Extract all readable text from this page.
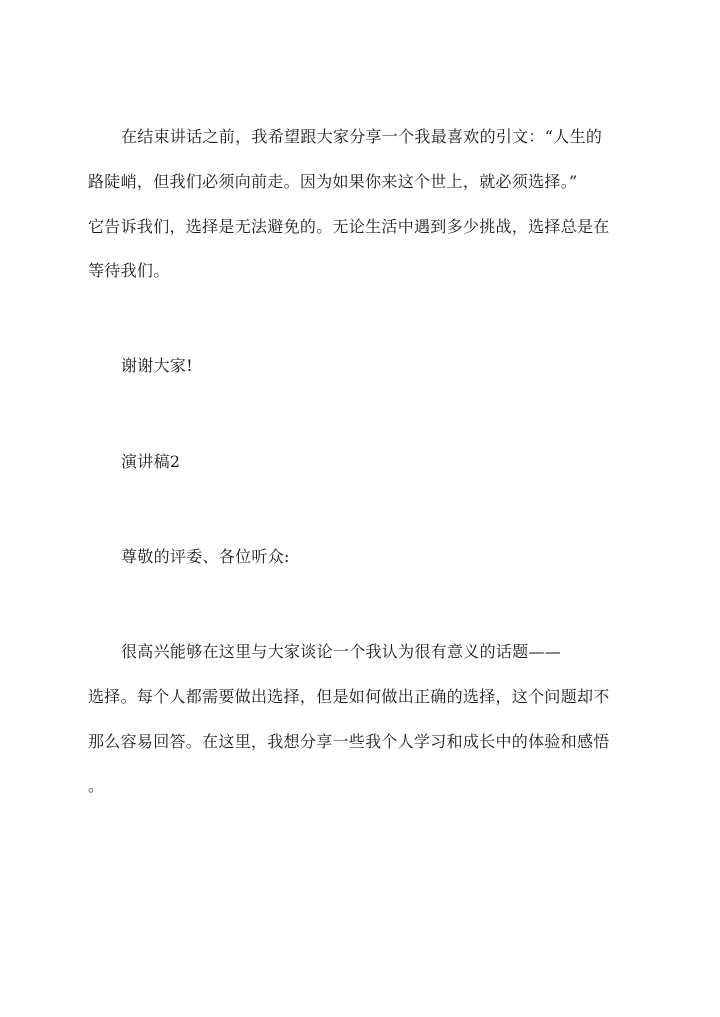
在结束讲话之前，我希望跟大家分享一个我最喜欢的引文：“人生的
路陡峭，但我们必须向前走。因为如果你来这个世上，就必须选择。”
它告诉我们，选择是无法避免的。无论生活中遇到多少挑战，选择总是在
等待我们。
谢谢大家!
演讲稿2
尊敬的评委、各位听众:
很高兴能够在这里与大家谈论一个我认为很有意义的话题——
选择。每个人都需要做出选择，但是如何做出正确的选择，这个问题却不
那么容易回答。在这里，我想分享一些我个人学习和成长中的体验和感悟
。
